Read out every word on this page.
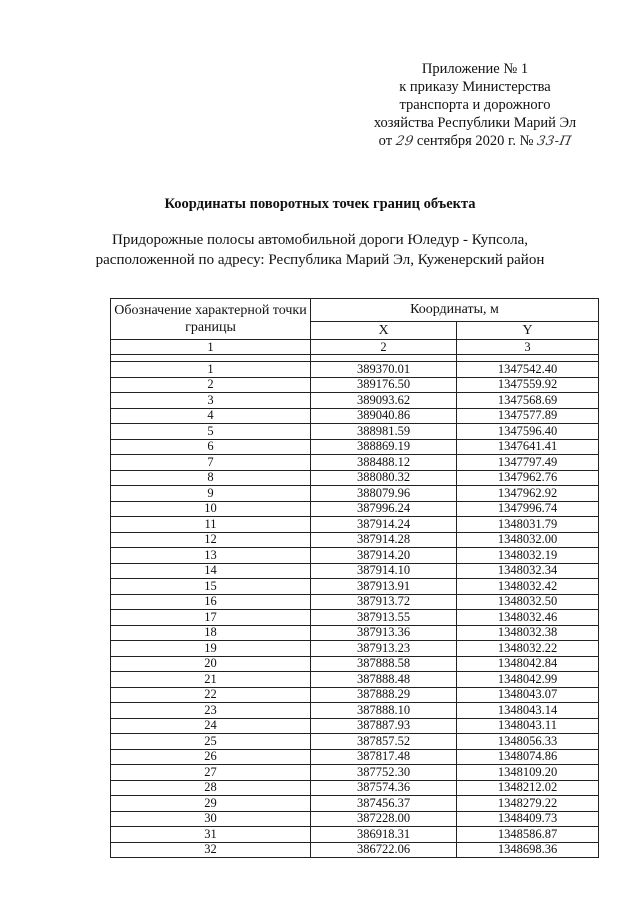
Приложение № 1
к приказу Министерства
транспорта и дорожного
хозяйства Республики Марий Эл
от 29 сентября 2020 г. № 33-П
Координаты поворотных точек границ объекта
Придорожные полосы автомобильной дороги Юледур - Купсола,
расположенной по адресу: Республика Марий Эл, Куженерский район
Обозначение характерной точки границы	Координаты, м	
	X	Y
1	2	3

1	389370.01	1347542.40
2	389176.50	1347559.92
3	389093.62	1347568.69
4	389040.86	1347577.89
5	388981.59	1347596.40
6	388869.19	1347641.41
7	388488.12	1347797.49
8	388080.32	1347962.76
9	388079.96	1347962.92
10	387996.24	1347996.74
11	387914.24	1348031.79
12	387914.28	1348032.00
13	387914.20	1348032.19
14	387914.10	1348032.34
15	387913.91	1348032.42
16	387913.72	1348032.50
17	387913.55	1348032.46
18	387913.36	1348032.38
19	387913.23	1348032.22
20	387888.58	1348042.84
21	387888.48	1348042.99
22	387888.29	1348043.07
23	387888.10	1348043.14
24	387887.93	1348043.11
25	387857.52	1348056.33
26	387817.48	1348074.86
27	387752.30	1348109.20
28	387574.36	1348212.02
29	387456.37	1348279.22
30	387228.00	1348409.73
31	386918.31	1348586.87
32	386722.06	1348698.36
